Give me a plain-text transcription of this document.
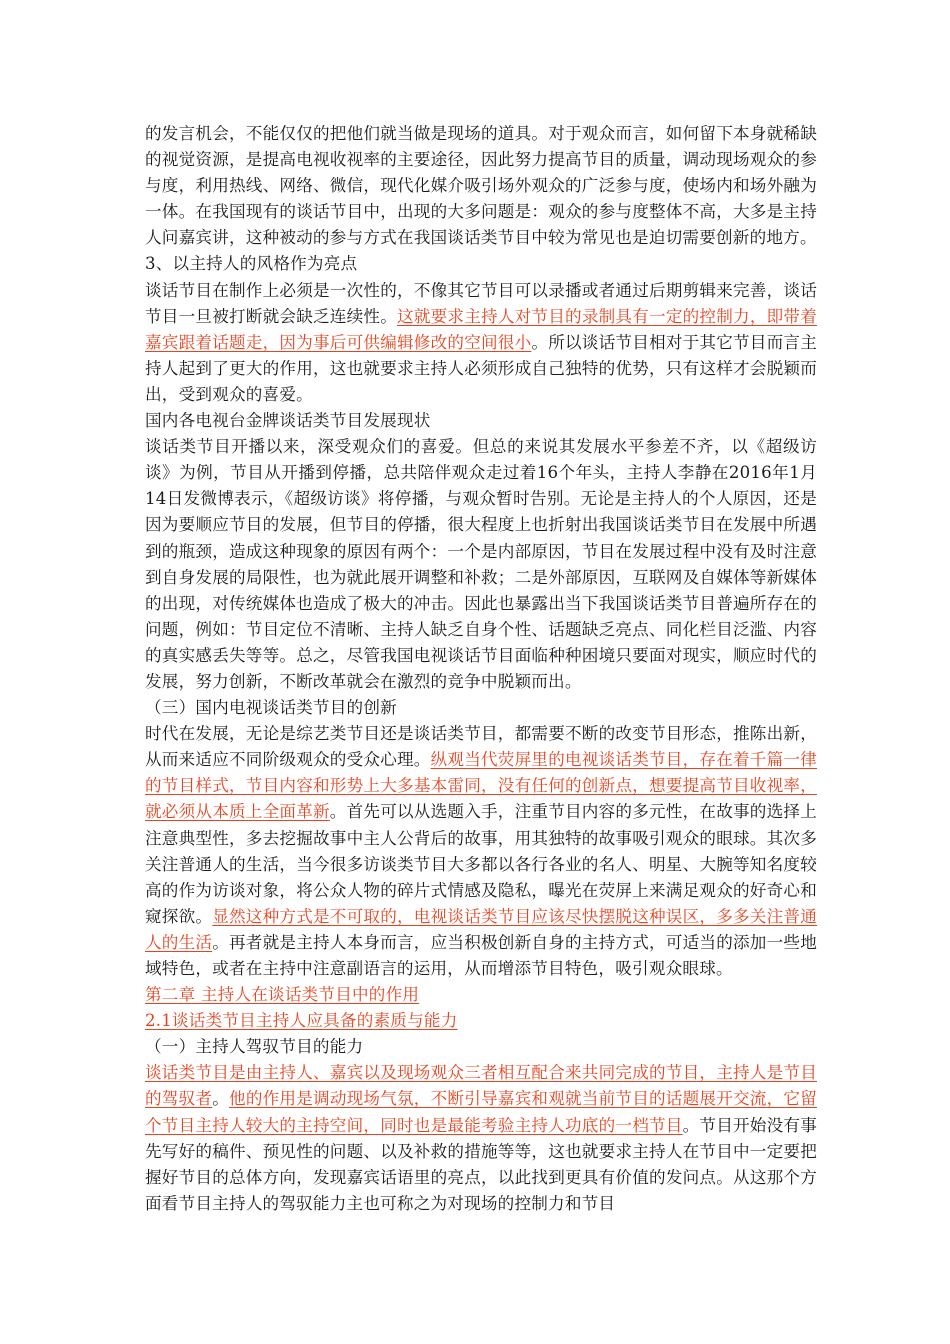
的发言机会，不能仅仅的把他们就当做是现场的道具。对于观众而言，如何留下本身就稀缺的视觉资源，是提高电视收视率的主要途径，因此努力提高节目的质量，调动现场观众的参与度，利用热线、网络、微信，现代化媒介吸引场外观众的广泛参与度，使场内和场外融为一体。在我国现有的谈话节目中，出现的大多问题是：观众的参与度整体不高，大多是主持人问嘉宾讲，这种被动的参与方式在我国谈话类节目中较为常见也是迫切需要创新的地方。

3、以主持人的风格作为亮点

谈话节目在制作上必须是一次性的，不像其它节目可以录播或者通过后期剪辑来完善，谈话节目一旦被打断就会缺乏连续性。这就要求主持人对节目的录制具有一定的控制力，即带着嘉宾跟着话题走，因为事后可供编辑修改的空间很小。所以谈话节目相对于其它节目而言主持人起到了更大的作用，这也就要求主持人必须形成自己独特的优势，只有这样才会脱颖而出，受到观众的喜爱。

国内各电视台金牌谈话类节目发展现状

谈话类节目开播以来，深受观众们的喜爱。但总的来说其发展水平参差不齐，以《超级访谈》为例，节目从开播到停播，总共陪伴观众走过着16个年头，主持人李静在2016年1月14日发微博表示，《超级访谈》将停播，与观众暂时告别。无论是主持人的个人原因，还是因为要顺应节目的发展，但节目的停播，很大程度上也折射出我国谈话类节目在发展中所遇到的瓶颈，造成这种现象的原因有两个：一个是内部原因，节目在发展过程中没有及时注意到自身发展的局限性，也为就此展开调整和补救；二是外部原因，互联网及自媒体等新媒体的出现，对传统媒体也造成了极大的冲击。因此也暴露出当下我国谈话类节目普遍所存在的问题，例如：节目定位不清晰、主持人缺乏自身个性、话题缺乏亮点、同化栏目泛滥、内容的真实感丢失等等。总之，尽管我国电视谈话节目面临种种困境只要面对现实，顺应时代的发展，努力创新，不断改革就会在激烈的竞争中脱颖而出。

（三）国内电视谈话类节目的创新

时代在发展，无论是综艺类节目还是谈话类节目，都需要不断的改变节目形态，推陈出新，从而来适应不同阶级观众的受众心理。纵观当代荧屏里的电视谈话类节目，存在着千篇一律的节目样式，节目内容和形势上大多基本雷同，没有任何的创新点，想要提高节目收视率，就必须从本质上全面革新。首先可以从选题入手，注重节目内容的多元性，在故事的选择上注意典型性，多去挖掘故事中主人公背后的故事，用其独特的故事吸引观众的眼球。其次多关注普通人的生活，当今很多访谈类节目大多都以各行各业的名人、明星、大腕等知名度较高的作为访谈对象，将公众人物的碎片式情感及隐私，曝光在荧屏上来满足观众的好奇心和窥探欲。显然这种方式是不可取的，电视谈话类节目应该尽快摆脱这种误区，多多关注普通人的生活。再者就是主持人本身而言，应当积极创新自身的主持方式，可适当的添加一些地域特色，或者在主持中注意副语言的运用，从而增添节目特色，吸引观众眼球。

第二章 主持人在谈话类节目中的作用

2.1谈话类节目主持人应具备的素质与能力

（一）主持人驾驭节目的能力

谈话类节目是由主持人、嘉宾以及现场观众三者相互配合来共同完成的节目，主持人是节目的驾驭者。他的作用是调动现场气氛，不断引导嘉宾和观就当前节目的话题展开交流，它留个节目主持人较大的主持空间，同时也是最能考验主持人功底的一档节目。节目开始没有事先写好的稿件、预见性的问题、以及补救的措施等等，这也就要求主持人在节目中一定要把握好节目的总体方向，发现嘉宾话语里的亮点，以此找到更具有价值的发问点。从这那个方面看节目主持人的驾驭能力主也可称之为对现场的控制力和节目
